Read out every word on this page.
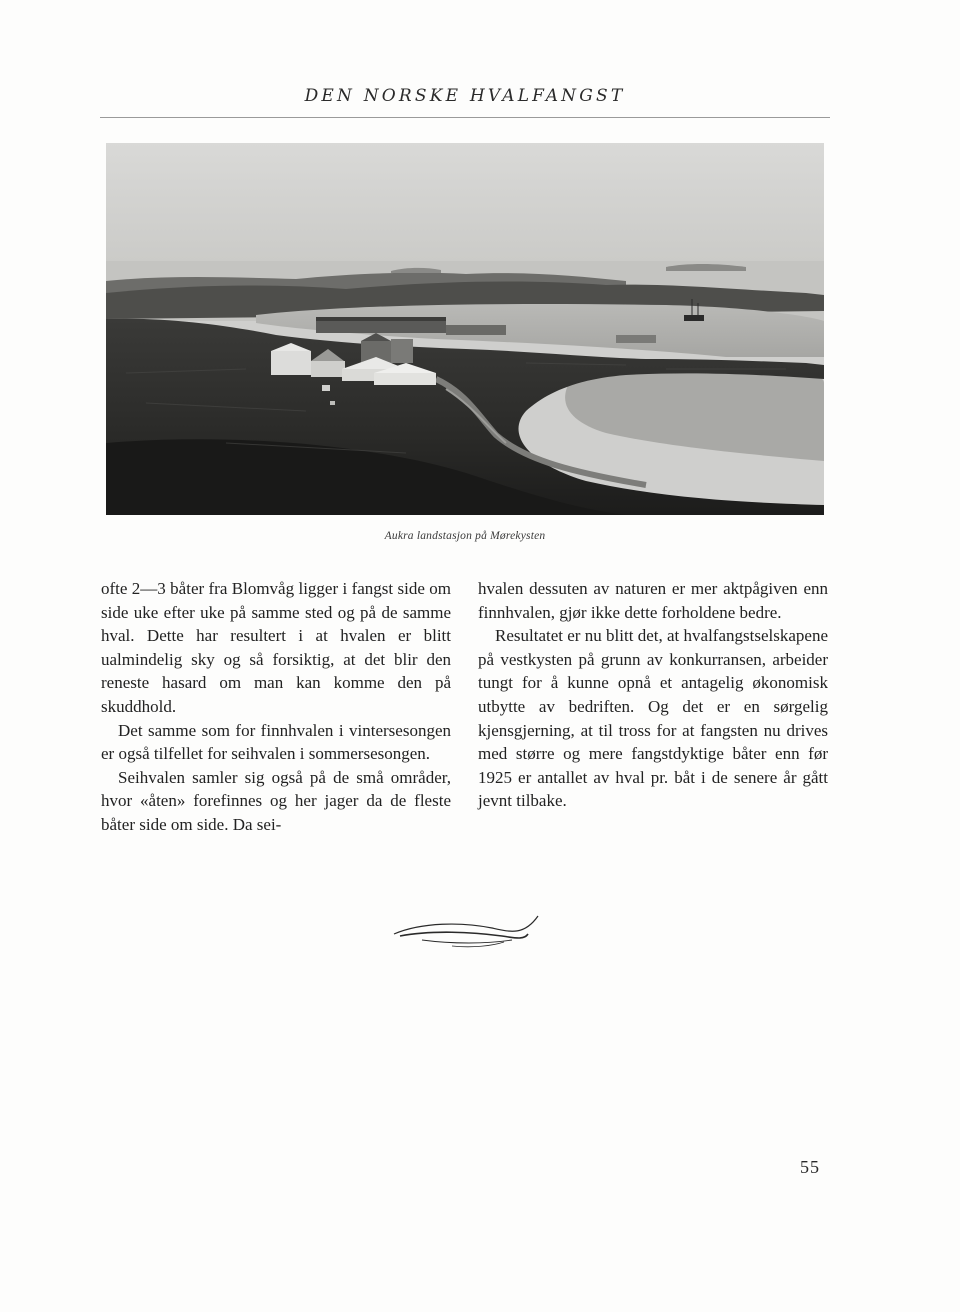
DEN NORSKE HVALFANGST
Aukra landstasjon på Mørekysten

ofte 2—3 båter fra Blomvåg ligger i fangst side om side uke efter uke på samme sted og på de samme hval. Dette har resultert i at hvalen er blitt ualmindelig sky og så forsiktig, at det blir den reneste hasard om man kan komme den på skuddhold.

Det samme som for finnhvalen i vintersesongen er også tilfellet for seihvalen i sommersesongen.

Seihvalen samler sig også på de små områder, hvor «åten» forefinnes og her jager da de fleste båter side om side. Da sei-

hvalen dessuten av naturen er mer aktpågiven enn finnhvalen, gjør ikke dette forholdene bedre.

Resultatet er nu blitt det, at hvalfangstselskapene på vestkysten på grunn av konkurransen, arbeider tungt for å kunne opnå et antagelig økonomisk utbytte av bedriften. Og det er en sørgelig kjensgjerning, at til tross for at fangsten nu drives med større og mere fangstdyktige båter enn før 1925 er antallet av hval pr. båt i de senere år gått jevnt tilbake.

55
